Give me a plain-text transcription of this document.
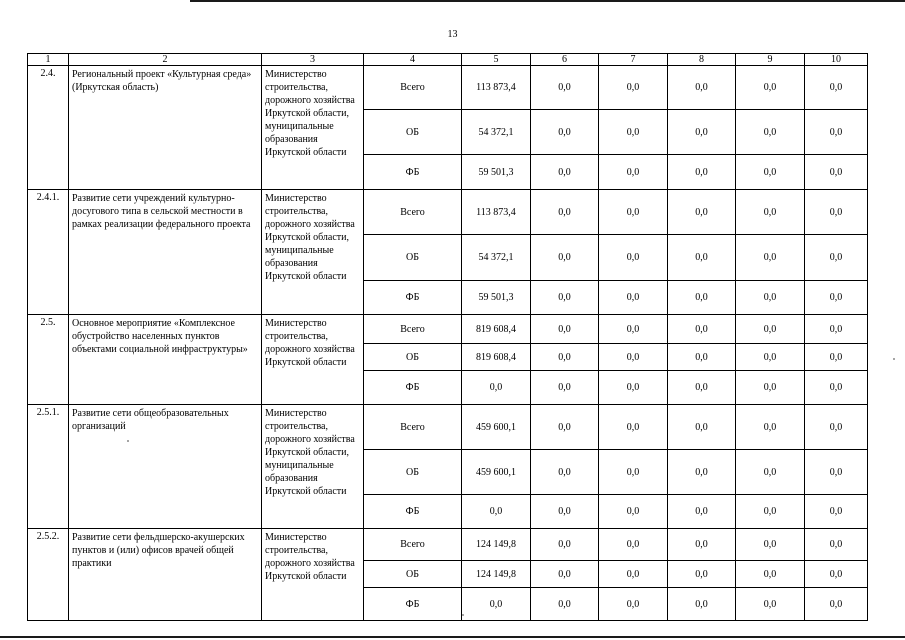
13
1	2	3	4	5	6	7	8	9	10
2.4.	Региональный проект «Культурная среда» (Иркутская область)	Министерство строительства, дорожного хозяйства Иркутской области, муниципальные образования Иркутской области	Всего	113 873,4	0,0	0,0	0,0	0,0	0,0
			ОБ	54 372,1	0,0	0,0	0,0	0,0	0,0
			ФБ	59 501,3	0,0	0,0	0,0	0,0	0,0
2.4.1.	Развитие сети учреждений культурно-досугового типа в сельской местности в рамках реализации федерального проекта	Министерство строительства, дорожного хозяйства Иркутской области, муниципальные образования Иркутской области	Всего	113 873,4	0,0	0,0	0,0	0,0	0,0
			ОБ	54 372,1	0,0	0,0	0,0	0,0	0,0
			ФБ	59 501,3	0,0	0,0	0,0	0,0	0,0
2.5.	Основное мероприятие «Комплексное обустройство населенных пунктов объектами социальной инфраструктуры»	Министерство строительства, дорожного хозяйства Иркутской области	Всего	819 608,4	0,0	0,0	0,0	0,0	0,0
			ОБ	819 608,4	0,0	0,0	0,0	0,0	0,0
			ФБ	0,0	0,0	0,0	0,0	0,0	0,0
2.5.1.	Развитие сети общеобразовательных организаций	Министерство строительства, дорожного хозяйства Иркутской области, муниципальные образования Иркутской области	Всего	459 600,1	0,0	0,0	0,0	0,0	0,0
			ОБ	459 600,1	0,0	0,0	0,0	0,0	0,0
			ФБ	0,0	0,0	0,0	0,0	0,0	0,0
2.5.2.	Развитие сети фельдшерско-акушерских пунктов и (или) офисов врачей общей практики	Министерство строительства, дорожного хозяйства Иркутской области	Всего	124 149,8	0,0	0,0	0,0	0,0	0,0
			ОБ	124 149,8	0,0	0,0	0,0	0,0	0,0
			ФБ	0,0	0,0	0,0	0,0	0,0	0,0
